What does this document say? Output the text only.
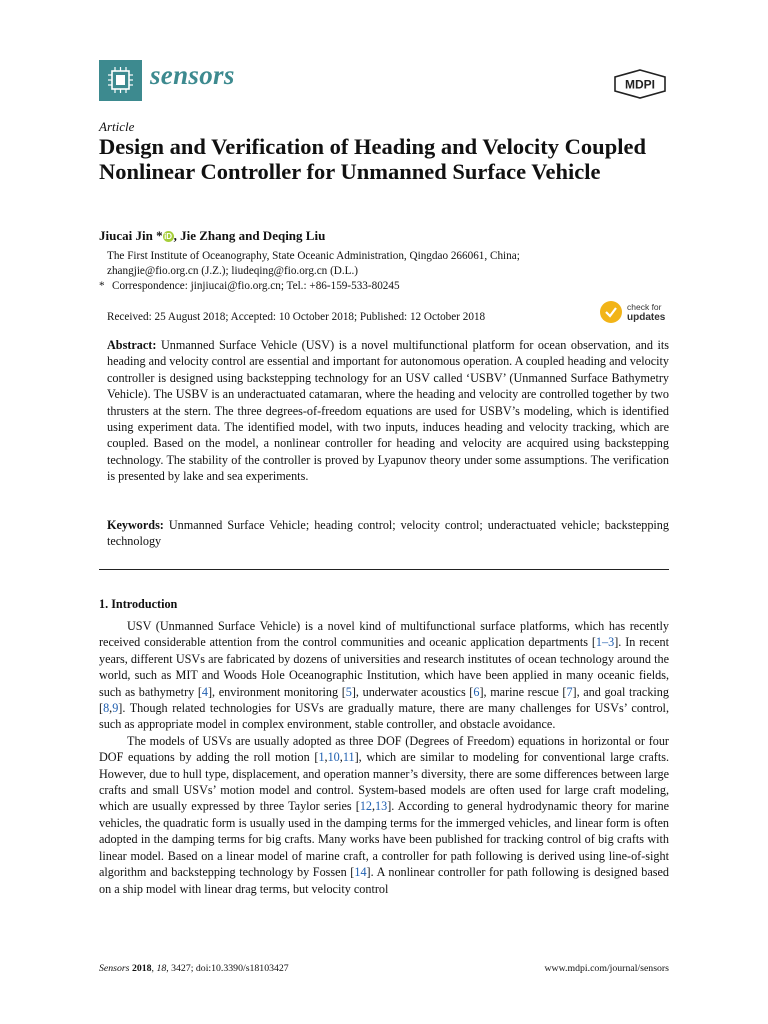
sensors	MDPI
Article
Design and Verification of Heading and Velocity Coupled Nonlinear Controller for Unmanned Surface Vehicle
Jiucai Jin * iD , Jie Zhang and Deqing Liu
The First Institute of Oceanography, State Oceanic Administration, Qingdao 266061, China;
zhangjie@fio.org.cn (J.Z.); liudeqing@fio.org.cn (D.L.)
* Correspondence: jinjiucai@fio.org.cn; Tel.: +86-159-533-80245
Received: 25 August 2018; Accepted: 10 October 2018; Published: 12 October 2018
check for
updates
Abstract: Unmanned Surface Vehicle (USV) is a novel multifunctional platform for ocean observation, and its heading and velocity control are essential and important for autonomous operation. A coupled heading and velocity controller is designed using backstepping technology for an USV called ‘USBV’ (Unmanned Surface Bathymetry Vehicle). The USBV is an underactuated catamaran, where the heading and velocity are controlled together by two thrusters at the stern. The three degrees-of-freedom equations are used for USBV’s modeling, which is identified using experiment data. The identified model, with two inputs, induces heading and velocity tracking, which are coupled. Based on the model, a nonlinear controller for heading and velocity are acquired using backstepping technology. The stability of the controller is proved by Lyapunov theory under some assumptions. The verification is presented by lake and sea experiments.
Keywords: Unmanned Surface Vehicle; heading control; velocity control; underactuated vehicle; backstepping technology
1. Introduction

USV (Unmanned Surface Vehicle) is a novel kind of multifunctional surface platforms, which has recently received considerable attention from the control communities and oceanic application departments [1–3]. In recent years, different USVs are fabricated by dozens of universities and research institutes of ocean technology around the world, such as MIT and Woods Hole Oceanographic Institution, which have been applied in many oceanic fields, such as bathymetry [4], environment monitoring [5], underwater acoustics [6], marine rescue [7], and goal tracking [8,9]. Though related technologies for USVs are gradually mature, there are many challenges for USVs’ control, such as appropriate model in complex environment, stable controller, and obstacle avoidance.

The models of USVs are usually adopted as three DOF (Degrees of Freedom) equations in horizontal or four DOF equations by adding the roll motion [1,10,11], which are similar to modeling for conventional large crafts. However, due to hull type, displacement, and operation manner’s diversity, there are some differences between large crafts and small USVs’ motion model and control. System-based models are often used for large craft modeling, which are usually expressed by three Taylor series [12,13]. According to general hydrodynamic theory for marine vehicles, the quadratic form is usually used in the damping terms for the immerged vehicles, and linear form is often adopted in the damping terms for big crafts. Many works have been published for tracking control of big crafts with linear model. Based on a linear model of marine craft, a controller for path following is derived using line-of-sight algorithm and backstepping technology by Fossen [14]. A nonlinear controller for path following is designed based on a ship model with linear drag terms, but velocity control

Sensors 2018, 18, 3427; doi:10.3390/s18103427	www.mdpi.com/journal/sensors
